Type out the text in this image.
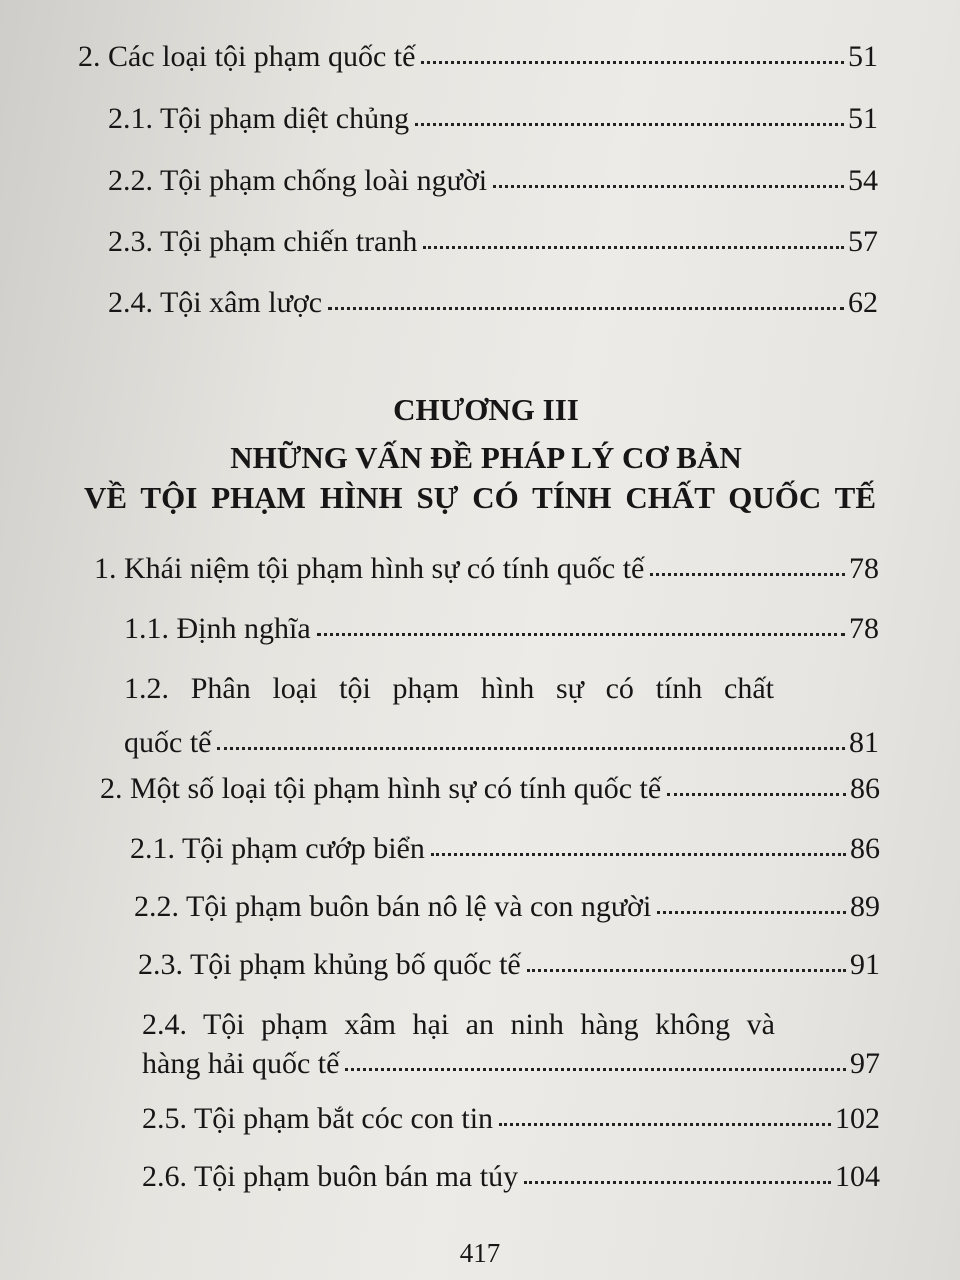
2. Các loại tội phạm quốc tế	51
2.1. Tội phạm diệt chủng	51
2.2. Tội phạm chống loài người	54
2.3. Tội phạm chiến tranh	57
2.4. Tội xâm lược	62
CHƯƠNG III
NHỮNG VẤN ĐỀ PHÁP LÝ CƠ BẢN
VỀ TỘI PHẠM HÌNH SỰ CÓ TÍNH CHẤT QUỐC TẾ
1. Khái niệm tội phạm hình sự có tính quốc tế	78
1.1. Định nghĩa	78
1.2. Phân loại tội phạm hình sự có tính chất
quốc tế	81
2. Một số loại tội phạm hình sự có tính quốc tế	86
2.1. Tội phạm cướp biển	86
2.2. Tội phạm buôn bán nô lệ và con người	89
2.3. Tội phạm khủng bố quốc tế	91
2.4. Tội phạm xâm hại an ninh hàng không và
hàng hải quốc tế	97
2.5. Tội phạm bắt cóc con tin	102
2.6. Tội phạm buôn bán ma túy	104
417
